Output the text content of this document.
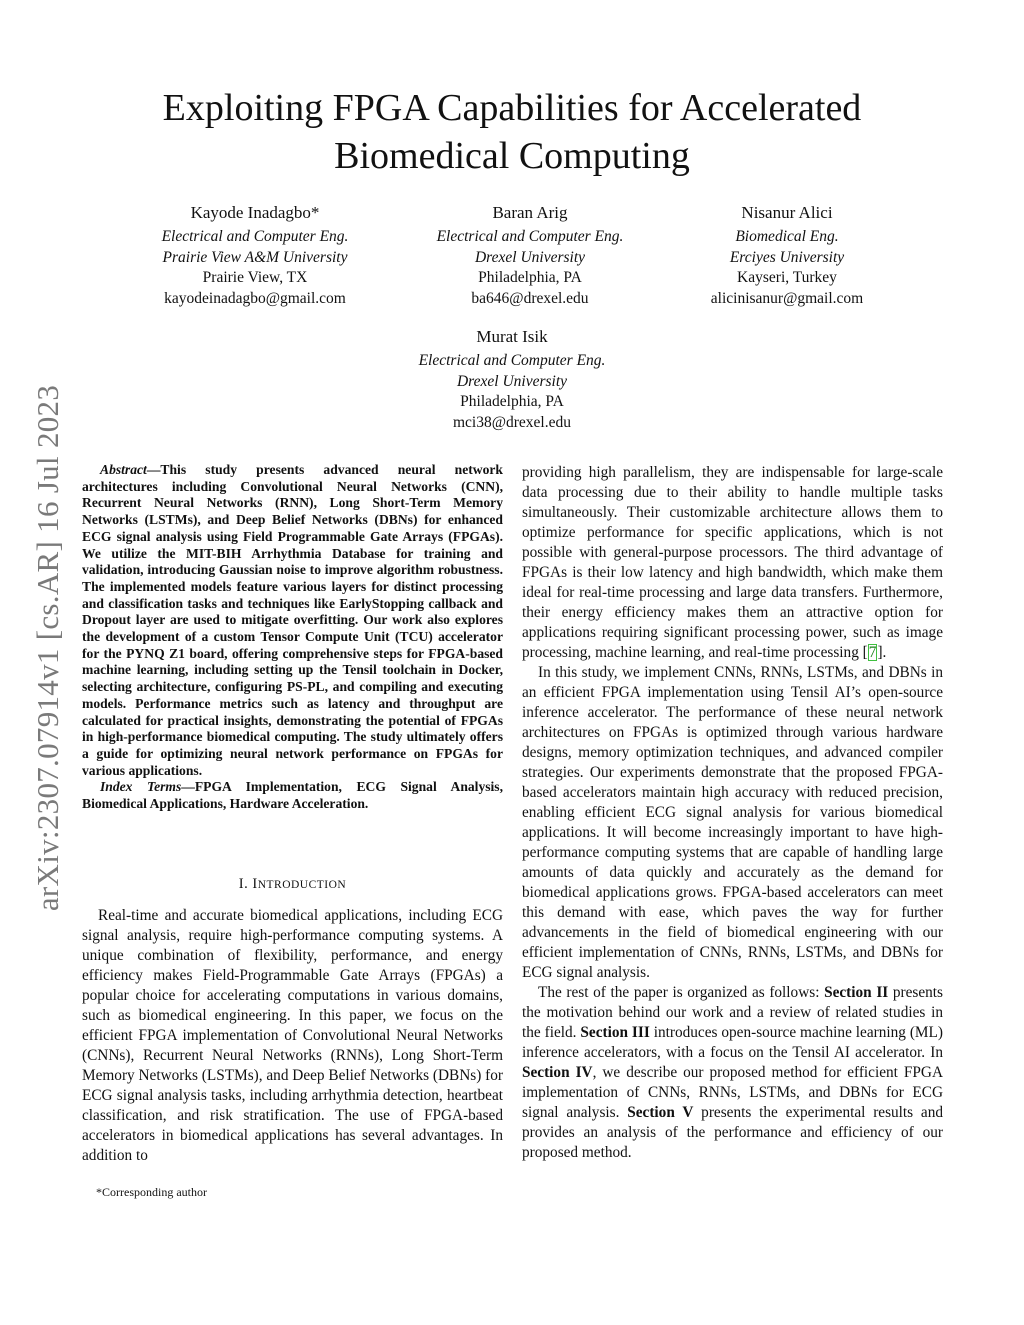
arXiv:2307.07914v1 [cs.AR] 16 Jul 2023
Exploiting FPGA Capabilities for Accelerated
Biomedical Computing
Kayode Inadagbo*
Electrical and Computer Eng.
Prairie View A&M University
Prairie View, TX
kayodeinadagbo@gmail.com
Baran Arig
Electrical and Computer Eng.
Drexel University
Philadelphia, PA
ba646@drexel.edu
Nisanur Alici
Biomedical Eng.
Erciyes University
Kayseri, Turkey
alicinisanur@gmail.com
Murat Isik
Electrical and Computer Eng.
Drexel University
Philadelphia, PA
mci38@drexel.edu

Abstract—This study presents advanced neural network architectures including Convolutional Neural Networks (CNN), Recurrent Neural Networks (RNN), Long Short-Term Memory Networks (LSTMs), and Deep Belief Networks (DBNs) for enhanced ECG signal analysis using Field Programmable Gate Arrays (FPGAs). We utilize the MIT-BIH Arrhythmia Database for training and validation, introducing Gaussian noise to improve algorithm robustness. The implemented models feature various layers for distinct processing and classification tasks and techniques like EarlyStopping callback and Dropout layer are used to mitigate overfitting. Our work also explores the development of a custom Tensor Compute Unit (TCU) accelerator for the PYNQ Z1 board, offering comprehensive steps for FPGA-based machine learning, including setting up the Tensil toolchain in Docker, selecting architecture, configuring PS-PL, and compiling and executing models. Performance metrics such as latency and throughput are calculated for practical insights, demonstrating the potential of FPGAs in high-performance biomedical computing. The study ultimately offers a guide for optimizing neural network performance on FPGAs for various applications.

Index Terms—FPGA Implementation, ECG Signal Analysis, Biomedical Applications, Hardware Acceleration.

I. INTRODUCTION

Real-time and accurate biomedical applications, including ECG signal analysis, require high-performance computing systems. A unique combination of flexibility, performance, and energy efficiency makes Field-Programmable Gate Arrays (FPGAs) a popular choice for accelerating computations in various domains, such as biomedical engineering. In this paper, we focus on the efficient FPGA implementation of Convolutional Neural Networks (CNNs), Recurrent Neural Networks (RNNs), Long Short-Term Memory Networks (LSTMs), and Deep Belief Networks (DBNs) for ECG signal analysis tasks, including arrhythmia detection, heartbeat classification, and risk stratification. The use of FPGA-based accelerators in biomedical applications has several advantages. In addition to

providing high parallelism, they are indispensable for large-scale data processing due to their ability to handle multiple tasks simultaneously. Their customizable architecture allows them to optimize performance for specific applications, which is not possible with general-purpose processors. The third advantage of FPGAs is their low latency and high bandwidth, which make them ideal for real-time processing and large data transfers. Furthermore, their energy efficiency makes them an attractive option for applications requiring significant processing power, such as image processing, machine learning, and real-time processing [7].

In this study, we implement CNNs, RNNs, LSTMs, and DBNs in an efficient FPGA implementation using Tensil AI’s open-source inference accelerator. The performance of these neural network architectures on FPGAs is optimized through various hardware designs, memory optimization techniques, and advanced compiler strategies. Our experiments demonstrate that the proposed FPGA-based accelerators maintain high accuracy with reduced precision, enabling efficient ECG signal analysis for various biomedical applications. It will become increasingly important to have high-performance computing systems that are capable of handling large amounts of data quickly and accurately as the demand for biomedical applications grows. FPGA-based accelerators can meet this demand with ease, which paves the way for further advancements in the field of biomedical engineering with our efficient implementation of CNNs, RNNs, LSTMs, and DBNs for ECG signal analysis.

The rest of the paper is organized as follows: Section II presents the motivation behind our work and a review of related studies in the field. Section III introduces open-source machine learning (ML) inference accelerators, with a focus on the Tensil AI accelerator. In Section IV, we describe our proposed method for efficient FPGA implementation of CNNs, RNNs, LSTMs, and DBNs for ECG signal analysis. Section V presents the experimental results and provides an analysis of the performance and efficiency of our proposed method.

*Corresponding author
